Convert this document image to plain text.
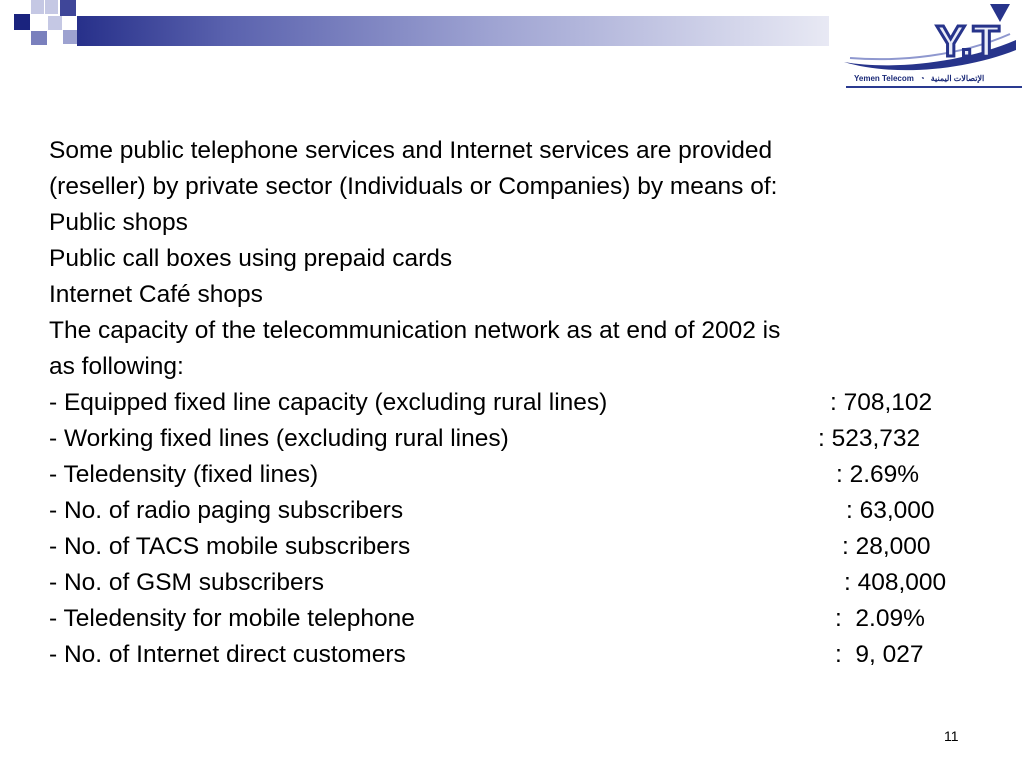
Y.T
Yemen Telecom ◔ الإتصالات اليمنية
Some public telephone services and Internet services are provided
(reseller) by private sector (Individuals or Companies) by means of:
Public shops
Public call boxes using prepaid cards
Internet Café shops
The capacity of the telecommunication network as at end of 2002 is
as following:
- Equipped fixed line capacity (excluding rural lines)	: 708,102
- Working fixed lines (excluding rural lines)	: 523,732
- Teledensity (fixed lines)	: 2.69%
- No. of radio paging subscribers	: 63,000
- No. of TACS mobile subscribers	: 28,000
- No. of GSM subscribers	: 408,000
- Teledensity for mobile telephone	:  2.09%
- No. of Internet direct customers	:  9, 027
11
